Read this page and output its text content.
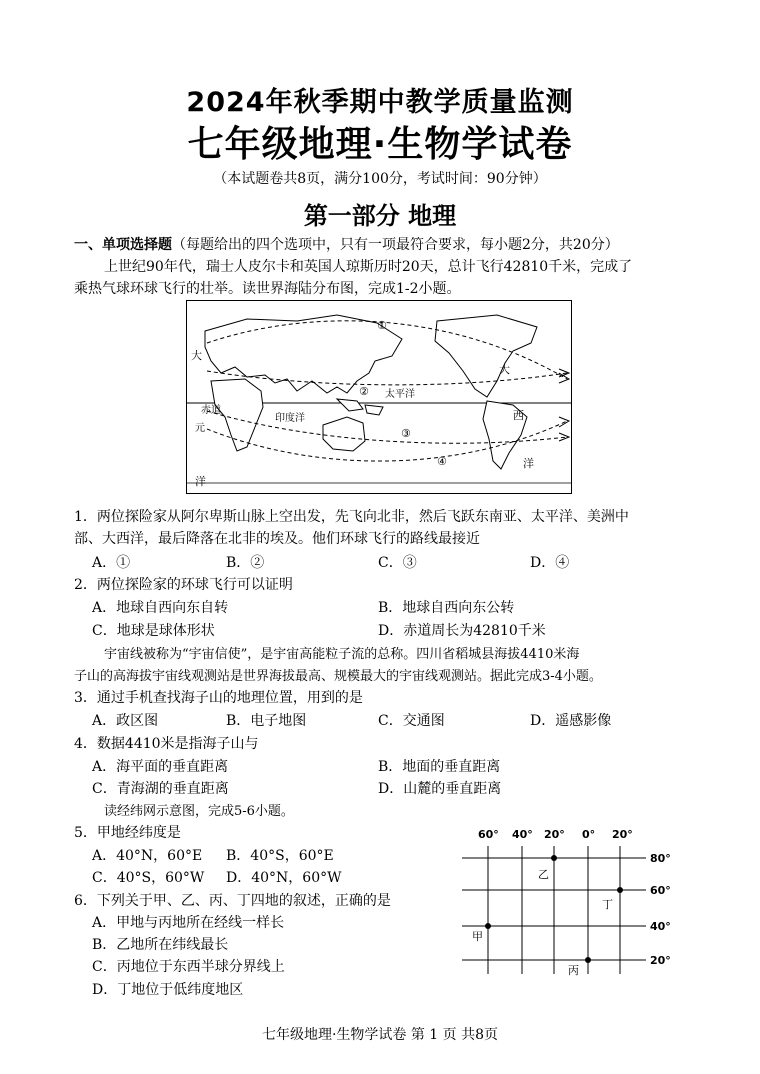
2024年秋季期中教学质量监测
七年级地理·生物学试卷
（本试题卷共8页，满分100分，考试时间：90分钟）
第一部分 地理
一、单项选择题（每题给出的四个选项中，只有一项最符合要求，每小题2分，共20分）
上世纪90年代，瑞士人皮尔卡和英国人琼斯历时20天，总计飞行42810千米，完成了
乘热气球环球飞行的壮举。读世界海陆分布图，完成1-2小题。
大
赤道
元
洋
印度洋
太平洋
大
西
洋
①
②
③
④
1．两位探险家从阿尔卑斯山脉上空出发，先飞向北非，然后飞跃东南亚、太平洋、美洲中
部、大西洋，最后降落在北非的埃及。他们环球飞行的路线最接近
A．①	B．②	C．③	D．④
2．两位探险家的环球飞行可以证明
A．地球自西向东自转	B．地球自西向东公转
C．地球是球体形状	D．赤道周长为42810千米
宇宙线被称为“宇宙信使”，是宇宙高能粒子流的总称。四川省稻城县海拔4410米海
子山的高海拔宇宙线观测站是世界海拔最高、规模最大的宇宙线观测站。据此完成3-4小题。
3．通过手机查找海子山的地理位置，用到的是
A．政区图	B．电子地图	C．交通图	D．遥感影像
4．数据4410米是指海子山与
A．海平面的垂直距离	B．地面的垂直距离
C．青海湖的垂直距离	D．山麓的垂直距离
读经纬网示意图，完成5-6小题。
5．甲地经纬度是
A．40°N，60°E B．40°S，60°E
C．40°S，60°W D．40°N，60°W
6．下列关于甲、乙、丙、丁四地的叙述，正确的是
A．甲地与丙地所在经线一样长
B．乙地所在纬线最长
C．丙地位于东西半球分界线上
D．丁地位于低纬度地区
60° 40° 20° 0° 20°
80°
60°
40°
20°
甲
乙
丙
丁
七年级地理·生物学试卷 第 1 页 共8页
